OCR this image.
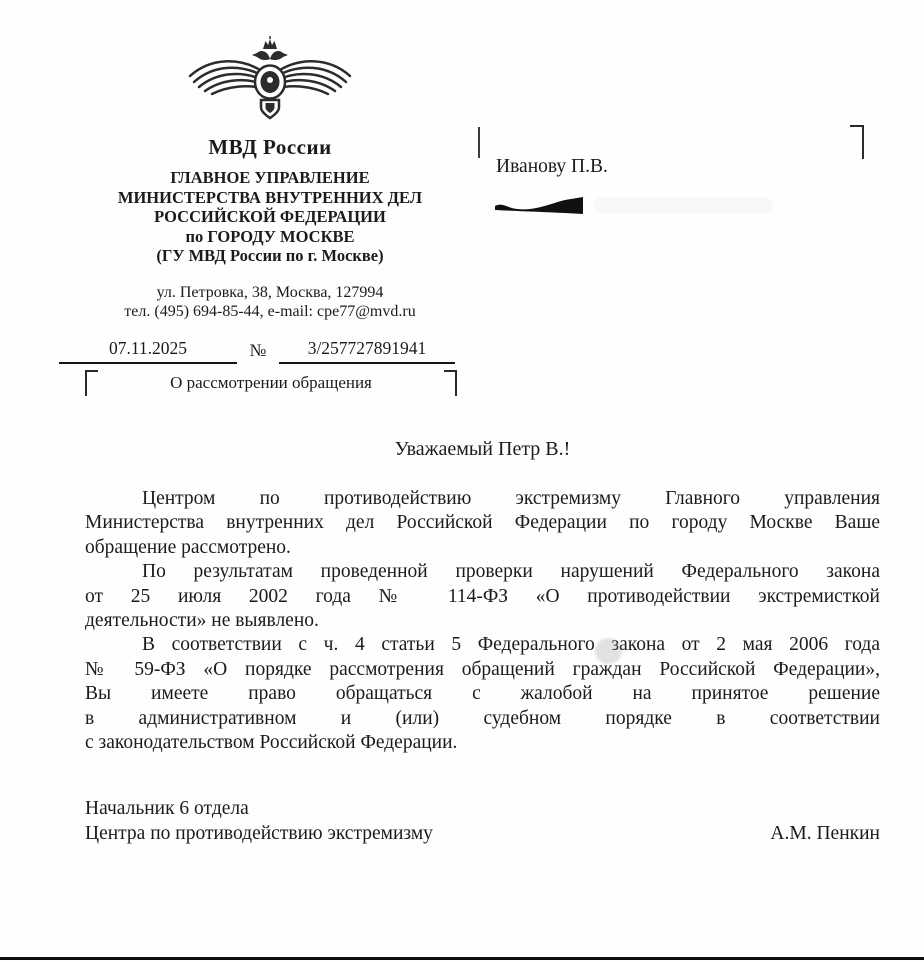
МВД России
ГЛАВНОЕ УПРАВЛЕНИЕ
МИНИСТЕРСТВА ВНУТРЕННИХ ДЕЛ
РОССИЙСКОЙ ФЕДЕРАЦИИ
по ГОРОДУ МОСКВЕ
(ГУ МВД России по г. Москве)
ул. Петровка, 38, Москва, 127994
тел. (495) 694-85-44, e-mail: cpe77@mvd.ru
07.11.2025	№	3/257727891941
О рассмотрении обращения
Иванову П.В.
Уважаемый Петр В.!
Центром по противодействию экстремизму Главного управления
Министерства внутренних дел Российской Федерации по городу Москве Ваше
обращение рассмотрено.
По результатам проведенной проверки нарушений Федерального закона
от 25 июля 2002 года № 114-ФЗ «О противодействии экстремисткой
деятельности» не выявлено.
В соответствии с ч. 4 статьи 5 Федерального закона от 2 мая 2006 года
№ 59-ФЗ «О порядке рассмотрения обращений граждан Российской Федерации»,
Вы имеете право обращаться с жалобой на принятое решение
в административном и (или) судебном порядке в соответствии
с законодательством Российской Федерации.
Начальник 6 отдела
Центра по противодействию экстремизму	А.М. Пенкин
